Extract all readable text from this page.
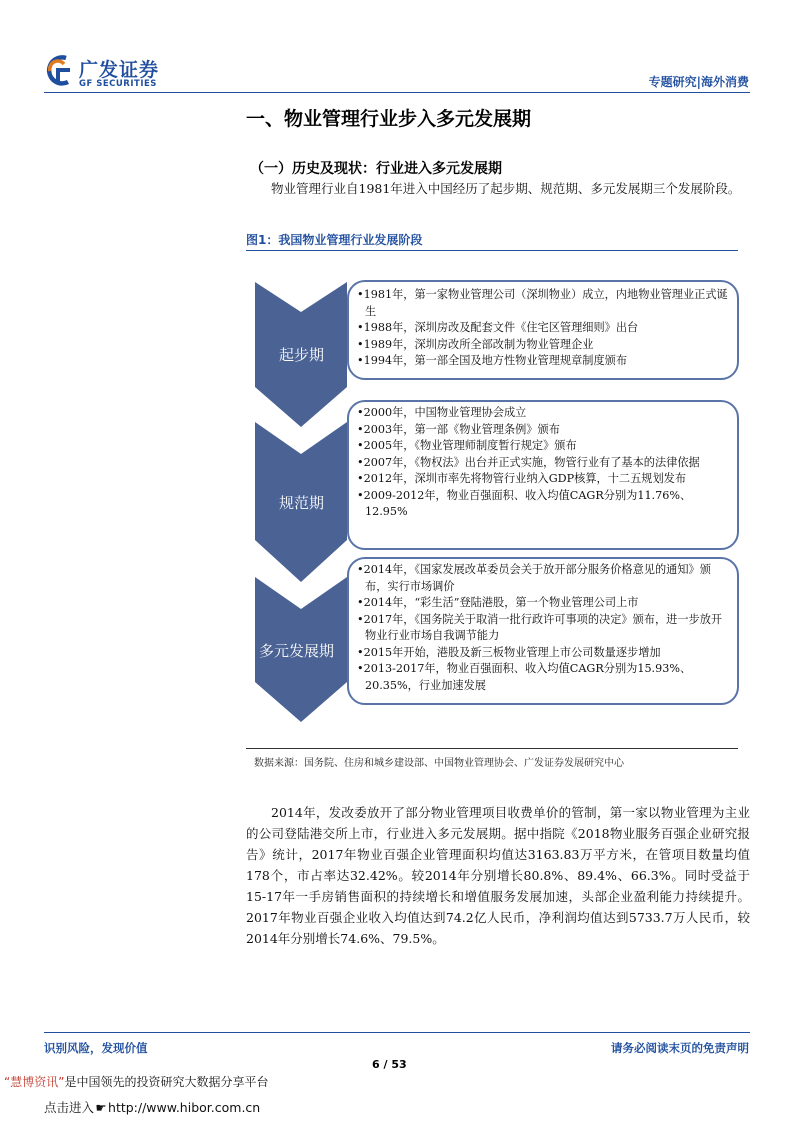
广发证券
GF SECURITIES	专题研究|海外消费
一、物业管理行业步入多元发展期
（一）历史及现状：行业进入多元发展期
物业管理行业自1981年进入中国经历了起步期、规范期、多元发展期三个发展阶段。
图1：我国物业管理行业发展阶段
起步期
规范期
多元发展期
•1981年，第一家物业管理公司（深圳物业）成立，内地物业管理业正式诞生
•1988年，深圳房改及配套文件《住宅区管理细则》出台
•1989年，深圳房改所全部改制为物业管理企业
•1994年，第一部全国及地方性物业管理规章制度颁布
•2000年，中国物业管理协会成立
•2003年，第一部《物业管理条例》颁布
•2005年，《物业管理师制度暂行规定》颁布
•2007年，《物权法》出台并正式实施，物管行业有了基本的法律依据
•2012年，深圳市率先将物管行业纳入GDP核算，十二五规划发布
•2009-2012年，物业百强面积、收入均值CAGR分别为11.76%、12.95%
•2014年，《国家发展改革委员会关于放开部分服务价格意见的通知》颁布，实行市场调价
•2014年，“彩生活”登陆港股，第一个物业管理公司上市
•2017年，《国务院关于取消一批行政许可事项的决定》颁布，进一步放开物业行业市场自我调节能力
•2015年开始，港股及新三板物业管理上市公司数量逐步增加
•2013-2017年，物业百强面积、收入均值CAGR分别为15.93%、20.35%，行业加速发展
数据来源：国务院、住房和城乡建设部、中国物业管理协会、广发证券发展研究中心
2014年，发改委放开了部分物业管理项目收费单价的管制，第一家以物业管理为主业的公司登陆港交所上市，行业进入多元发展期。据中指院《2018物业服务百强企业研究报告》统计，2017年物业百强企业管理面积均值达3163.83万平方米，在管项目数量均值178个，市占率达32.42%。较2014年分别增长80.8%、89.4%、66.3%。同时受益于15-17年一手房销售面积的持续增长和增值服务发展加速，头部企业盈利能力持续提升。2017年物业百强企业收入均值达到74.2亿人民币，净利润均值达到5733.7万人民币，较2014年分别增长74.6%、79.5%。
识别风险，发现价值	请务必阅读末页的免责声明
6 / 53
“慧博资讯”是中国领先的投资研究大数据分享平台
点击进入☛http://www.hibor.com.cn
